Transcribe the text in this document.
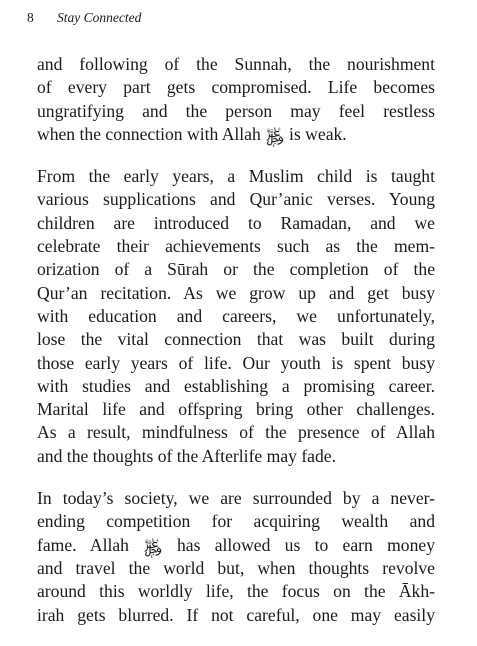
8	Stay Connected
and following of the Sunnah, the nourishment
of every part gets compromised. Life becomes
ungratifying and the person may feel restless
when the connection with Allah ﷿ is weak.
From the early years, a Muslim child is taught
various supplications and Qur’anic verses. Young
children are introduced to Ramadan, and we
celebrate their achievements such as the mem-
orization of a Sūrah or the completion of the
Qur’an recitation. As we grow up and get busy
with education and careers, we unfortunately,
lose the vital connection that was built during
those early years of life. Our youth is spent busy
with studies and establishing a promising career.
Marital life and offspring bring other challenges.
As a result, mindfulness of the presence of Allah
and the thoughts of the Afterlife may fade.
In today’s society, we are surrounded by a never-
ending competition for acquiring wealth and
fame. Allah ﷿ has allowed us to earn money
and travel the world but, when thoughts revolve
around this worldly life, the focus on the Ākh-
irah gets blurred. If not careful, one may easily
